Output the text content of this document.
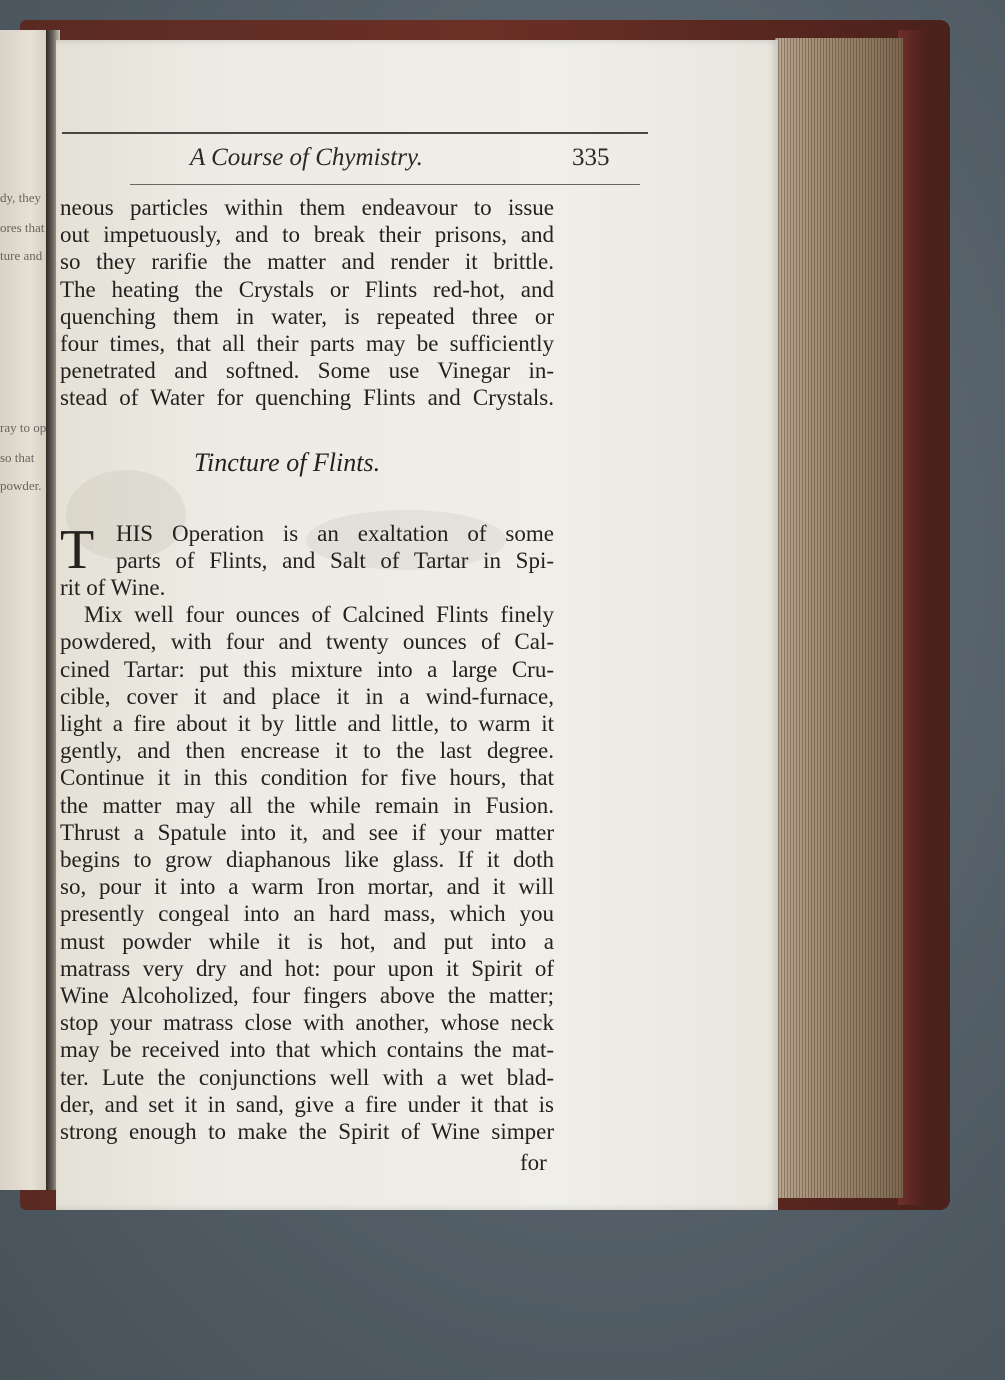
dy, they
ores that
ture and
ray to op
so that
powder.
A Course of Chymistry.	335
neous particles within them endeavour to issue
out impetuously, and to break their prisons, and
so they rarifie the matter and render it brittle.
The heating the Crystals or Flints red-hot, and
quenching them in water, is repeated three or
four times, that all their parts may be sufficiently
penetrated and softned. Some use Vinegar in-
stead of Water for quenching Flints and Crystals.
Tincture of Flints.
T HIS Operation is an exaltation of some
parts of Flints, and Salt of Tartar in Spi-
rit of Wine.
Mix well four ounces of Calcined Flints finely
powdered, with four and twenty ounces of Cal-
cined Tartar: put this mixture into a large Cru-
cible, cover it and place it in a wind-furnace,
light a fire about it by little and little, to warm it
gently, and then encrease it to the last degree.
Continue it in this condition for five hours, that
the matter may all the while remain in Fusion.
Thrust a Spatule into it, and see if your matter
begins to grow diaphanous like glass. If it doth
so, pour it into a warm Iron mortar, and it will
presently congeal into an hard mass, which you
must powder while it is hot, and put into a
matrass very dry and hot: pour upon it Spirit of
Wine Alcoholized, four fingers above the matter;
stop your matrass close with another, whose neck
may be received into that which contains the mat-
ter. Lute the conjunctions well with a wet blad-
der, and set it in sand, give a fire under it that is
strong enough to make the Spirit of Wine simper
for
